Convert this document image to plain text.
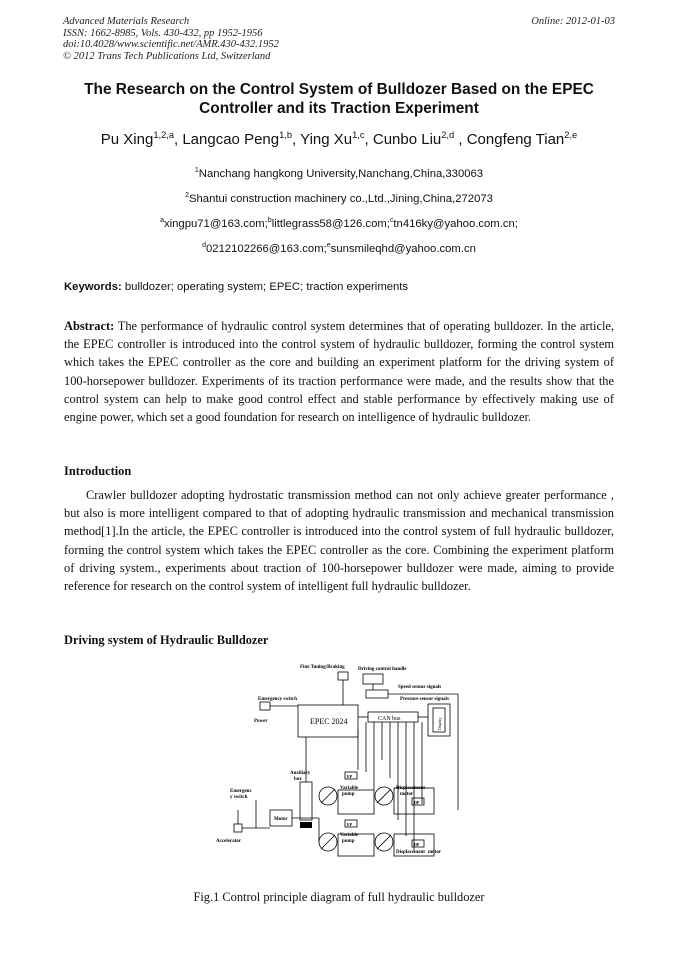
Advanced Materials Research
ISSN: 1662-8985, Vols. 430-432, pp 1952-1956
doi:10.4028/www.scientific.net/AMR.430-432.1952
© 2012 Trans Tech Publications Ltd, Switzerland
Online: 2012-01-03
The Research on the Control System of Bulldozer Based on the EPEC Controller and its Traction Experiment
Pu Xing$^{1,2,a}$, Langcao Peng$^{1,b}$, Ying Xu$^{1,c}$, Cunbo Liu$^{2,d}$ , Congfeng Tian$^{2,e}$
$^1$Nanchang hangkong University,Nanchang,China,330063
$^2$Shantui construction machinery co.,Ltd.,Jining,China,272073
$^a$xingpu71@163.com;$^b$littlegrass58@126.com;$^c$tn416ky@yahoo.com.cn;
$^d$0212102266@163.com;$^e$sunsmileqhd@yahoo.com.cn
Keywords: bulldozer; operating system; EPEC; traction experiments
Abstract: The performance of hydraulic control system determines that of operating bulldozer. In the article, the EPEC controller is introduced into the control system of hydraulic bulldozer, forming the control system which takes the EPEC controller as the core and building an experiment platform for the driving system of 100-horsepower bulldozer. Experiments of its traction performance were made, and the results show that the control system can help to make good control effect and stable performance by effectively making use of engine power, which set a good foundation for research on intelligence of hydraulic bulldozer.
Introduction
Crawler bulldozer adopting hydrostatic transmission method can not only achieve greater performance , but also is more intelligent compared to that of adopting hydraulic transmission and mechanical transmission method[1].In the article, the EPEC controller is introduced into the control system of full hydraulic bulldozer, forming the control system which takes the EPEC controller as the core. Combining the experiment platform of driving system., experiments about traction of 100-horsepower bulldozer were made, aiming to provide reference for research on the control system of intelligent full hydraulic bulldozer.
Driving system of Hydraulic Bulldozer
Fine Tuning/Braking	Driving control handle
Speed sensor signals
Pressure sensor signals
Emergency switch
Power
Emergenc
y switch
Auxiliary
box
Variable
pump
Displacement
motor
Motor
Variable
pump
Displacement motor
Accelerator
EP
EP
DP
DP
EPEC 2024	CAN bus	Display
Fig.1 Control principle diagram of full hydraulic bulldozer
